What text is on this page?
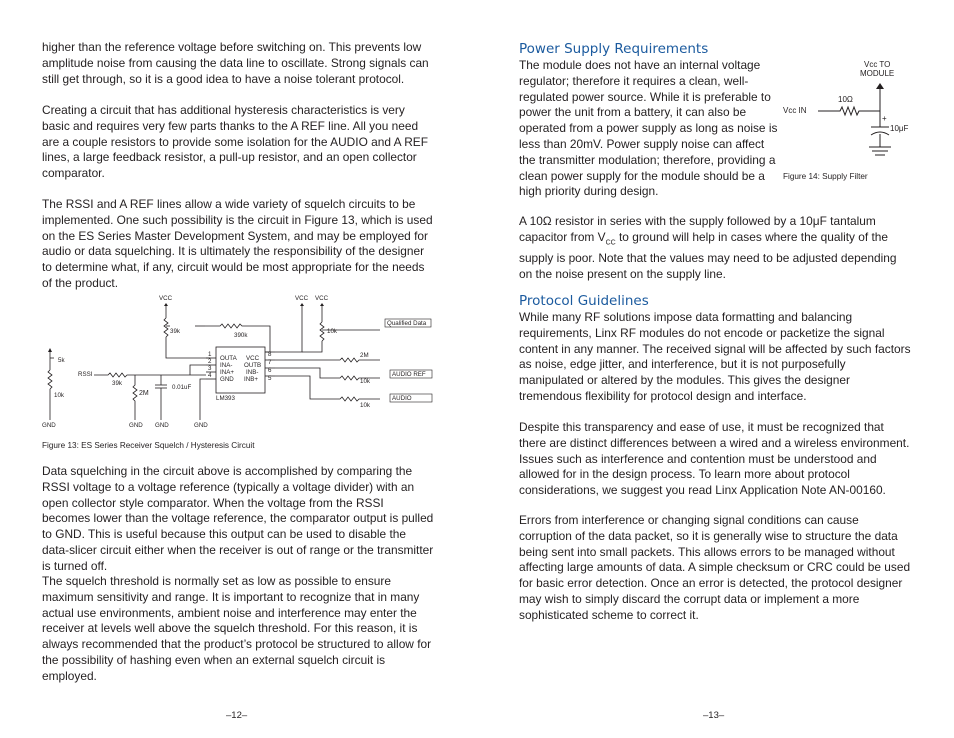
higher than the reference voltage before switching on. This prevents low amplitude noise from causing the data line to oscillate. Strong signals can still get through, so it is a good idea to have a noise tolerant protocol.

Creating a circuit that has additional hysteresis characteristics is very basic and requires very few parts thanks to the A REF line. All you need are a couple resistors to provide some isolation for the AUDIO and A REF lines, a large feedback resistor, a pull-up resistor, and an open collector comparator.

The RSSI and A REF lines allow a wide variety of squelch circuits to be implemented. One such possibility is the circuit in Figure 13, which is used on the ES Series Master Development System, and may be employed for audio or data squelching. It is ultimately the responsibility of the designer to determine what, if any, circuit would be most appropriate for the needs of the product.

VCC	VCC VCC
39k
390k
10k
5k
RSSI
39k
10k	2M
0.01uF
1
2
3
4
8
7
6
5
OUTA
INA-
INA+
GND
VCC
OUTB
INB-
INB+
LM393
Qualified Data
2M
AUDIO REF
10k
AUDIO
10k
GND	GND GND	GND
Figure 13: ES Series Receiver Squelch / Hysteresis Circuit

Data squelching in the circuit above is accomplished by comparing the RSSI voltage to a voltage reference (typically a voltage divider) with an open collector style comparator. When the voltage from the RSSI becomes lower than the voltage reference, the comparator output is pulled to GND. This is useful because this output can be used to disable the data-slicer circuit either when the receiver is out of range or the transmitter is turned off.

The squelch threshold is normally set as low as possible to ensure maximum sensitivity and range. It is important to recognize that in many actual use environments, ambient noise and interference may enter the receiver at levels well above the squelch threshold. For this reason, it is always recommended that the product’s protocol be structured to allow for the possibility of hashing even when an external squelch circuit is employed.

–12–
Power Supply Requirements

The module does not have an internal voltage regulator; therefore it requires a clean, well-regulated power source. While it is preferable to power the unit from a battery, it can also be operated from a power supply as long as noise is less than 20mV. Power supply noise can affect the transmitter modulation; therefore, providing a clean power supply for the module should be a high priority during design.

Vcc TO
MODULE
10Ω
Vcc IN
+
10μF
Figure 14: Supply Filter

A 10Ω resistor in series with the supply followed by a 10μF tantalum capacitor from $V_{CC}$ to ground will help in cases where the quality of the supply is poor. Note that the values may need to be adjusted depending on the noise present on the supply line.

Protocol Guidelines

While many RF solutions impose data formatting and balancing requirements, Linx RF modules do not encode or packetize the signal content in any manner. The received signal will be affected by such factors as noise, edge jitter, and interference, but it is not purposefully manipulated or altered by the modules. This gives the designer tremendous flexibility for protocol design and interface.

Despite this transparency and ease of use, it must be recognized that there are distinct differences between a wired and a wireless environment. Issues such as interference and contention must be understood and allowed for in the design process. To learn more about protocol considerations, we suggest you read Linx Application Note AN-00160.

Errors from interference or changing signal conditions can cause corruption of the data packet, so it is generally wise to structure the data being sent into small packets. This allows errors to be managed without affecting large amounts of data. A simple checksum or CRC could be used for basic error detection. Once an error is detected, the protocol designer may wish to simply discard the corrupt data or implement a more sophisticated scheme to correct it.

–13–
